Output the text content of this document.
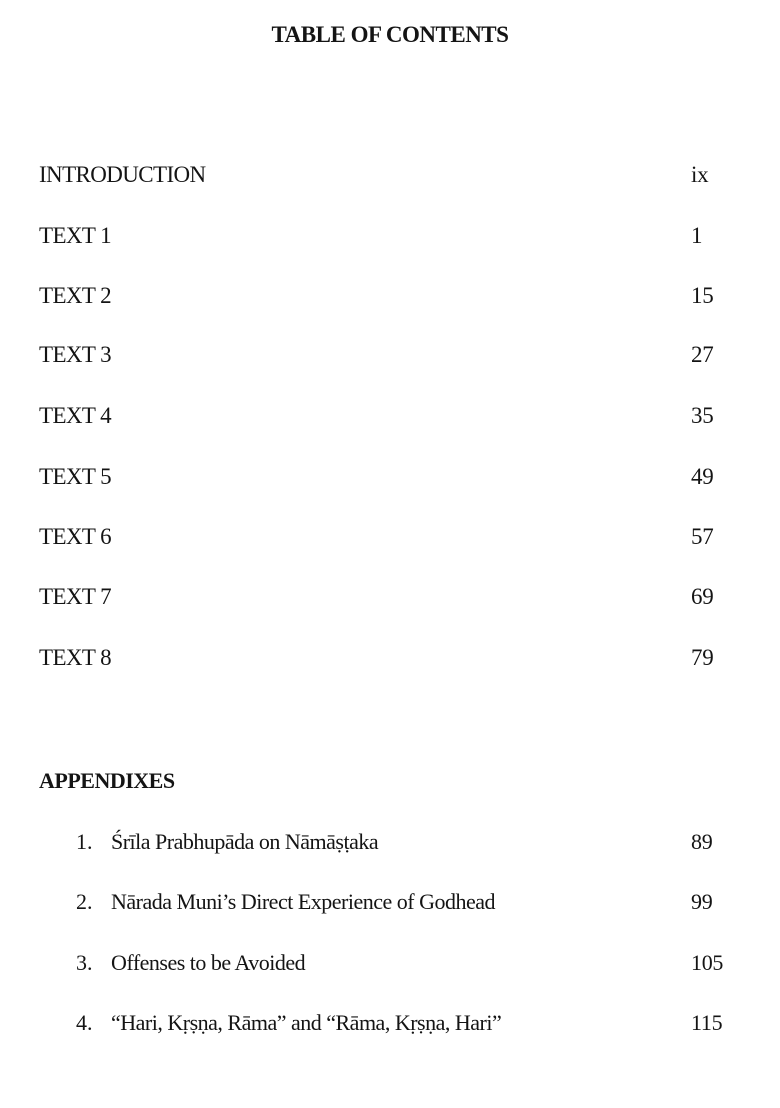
TABLE OF CONTENTS
INTRODUCTION	ix
TEXT 1	1
TEXT 2	15
TEXT 3	27
TEXT 4	35
TEXT 5	49
TEXT 6	57
TEXT 7	69
TEXT 8	79
APPENDIXES
1. Śrīla Prabhupāda on Nāmāṣṭaka	89
2. Nārada Muni’s Direct Experience of Godhead	99
3. Offenses to be Avoided	105
4. “Hari, Kṛṣṇa, Rāma” and “Rāma, Kṛṣṇa, Hari”	115
